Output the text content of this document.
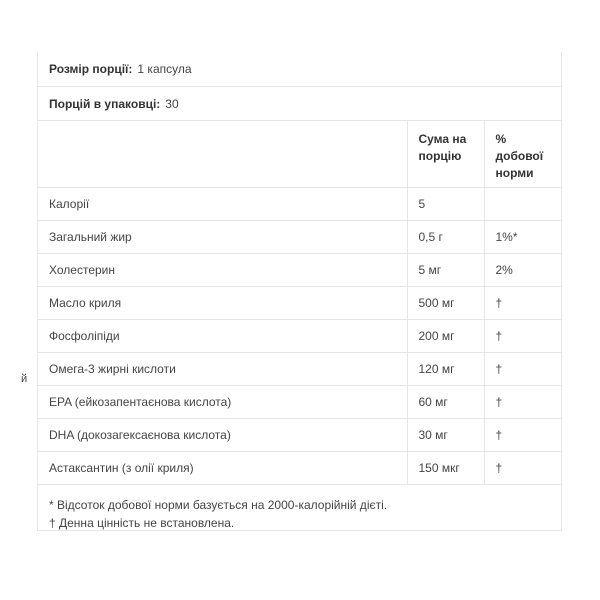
й
Розмір порції: 1 капсула
Порцій в упаковці: 30
	Сума на порцію	% добової норми
Калорії	5	
Загальний жир	0,5 г	1%*
Холестерин	5 мг	2%
Масло криля	500 мг	†
Фосфоліпіди	200 мг	†
Омега-3 жирні кислоти	120 мг	†
EPA (ейкозапентаєнова кислота)	60 мг	†
DHA (докозагексаєнова кислота)	30 мг	†
Астаксантин (з олії криля)	150 мкг	†
* Відсоток добової норми базується на 2000-калорійній дієті.
† Денна цінність не встановлена.
